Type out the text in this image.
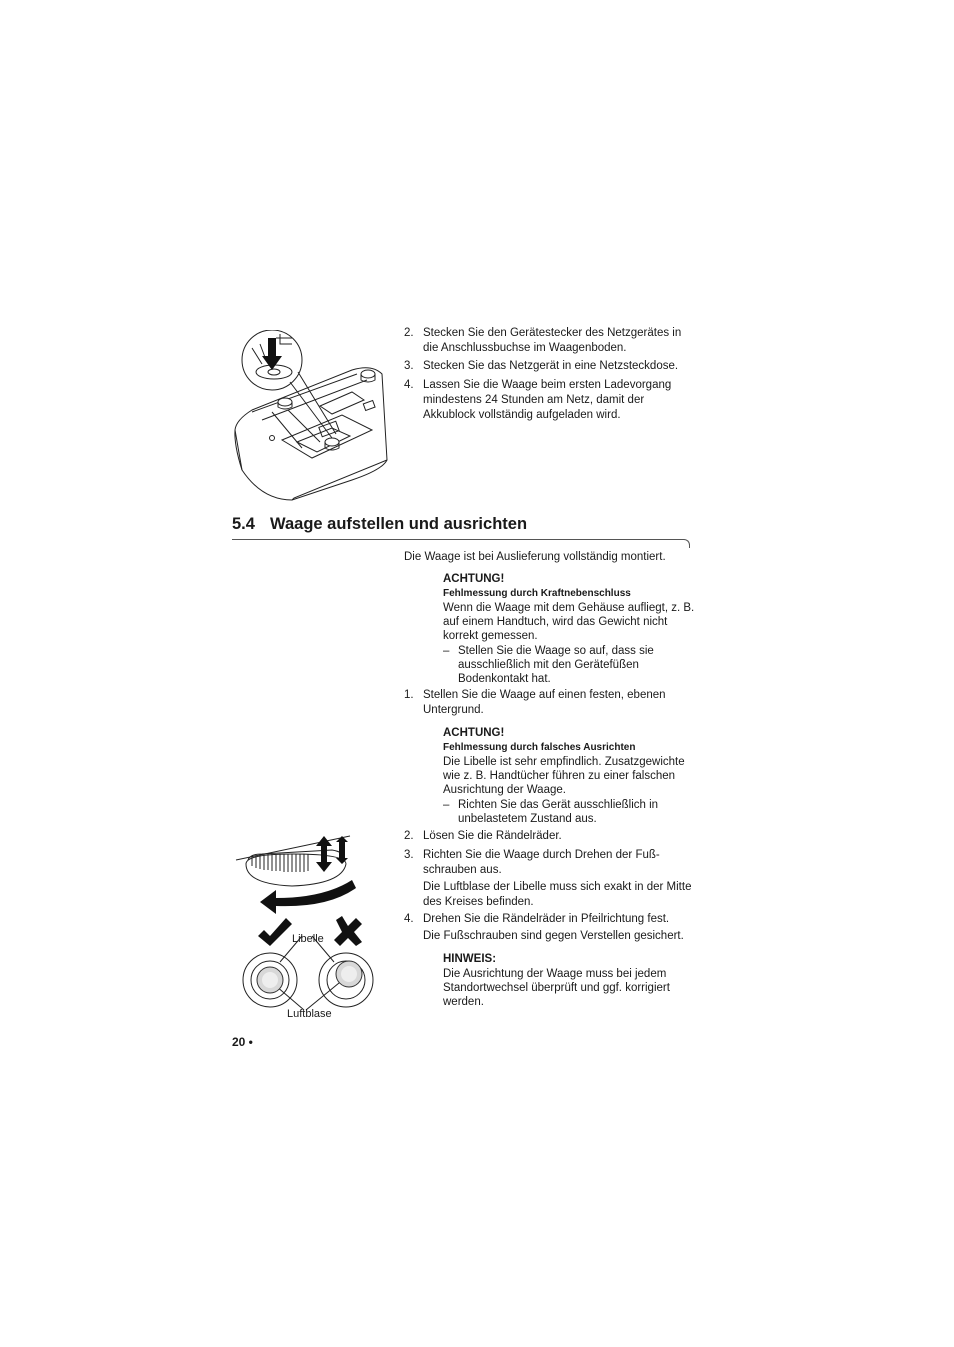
2. Stecken Sie den Gerätestecker des Netzgerätes in die Anschlussbuchse im Waagenboden.
3. Stecken Sie das Netzgerät in eine Netzsteckdose.
4. Lassen Sie die Waage beim ersten Ladevorgang mindestens 24 Stunden am Netz, damit der Akkublock vollständig aufgeladen wird.
5.4 Waage aufstellen und ausrichten
Die Waage ist bei Auslieferung vollständig montiert.
ACHTUNG!
Fehlmessung durch Kraftnebenschluss
Wenn die Waage mit dem Gehäuse aufliegt, z. B. auf einem Handtuch, wird das Gewicht nicht korrekt gemessen.
– Stellen Sie die Waage so auf, dass sie ausschließlich mit den Gerätefüßen Bodenkontakt hat.
1. Stellen Sie die Waage auf einen festen, ebenen Untergrund.
ACHTUNG!
Fehlmessung durch falsches Ausrichten
Die Libelle ist sehr empfindlich. Zusatzgewichte wie z. B. Handtücher führen zu einer falschen Ausrichtung der Waage.
– Richten Sie das Gerät ausschließlich in unbelastetem Zustand aus.
2. Lösen Sie die Rändelräder.
3. Richten Sie die Waage durch Drehen der Fuß-schrauben aus.
Die Luftblase der Libelle muss sich exakt in der Mitte des Kreises befinden.
4. Drehen Sie die Rändelräder in Pfeilrichtung fest.
Die Fußschrauben sind gegen Verstellen gesichert.
HINWEIS:
Die Ausrichtung der Waage muss bei jedem Standortwechsel überprüft und ggf. korrigiert werden.
Libelle
Luftblase
20 •
